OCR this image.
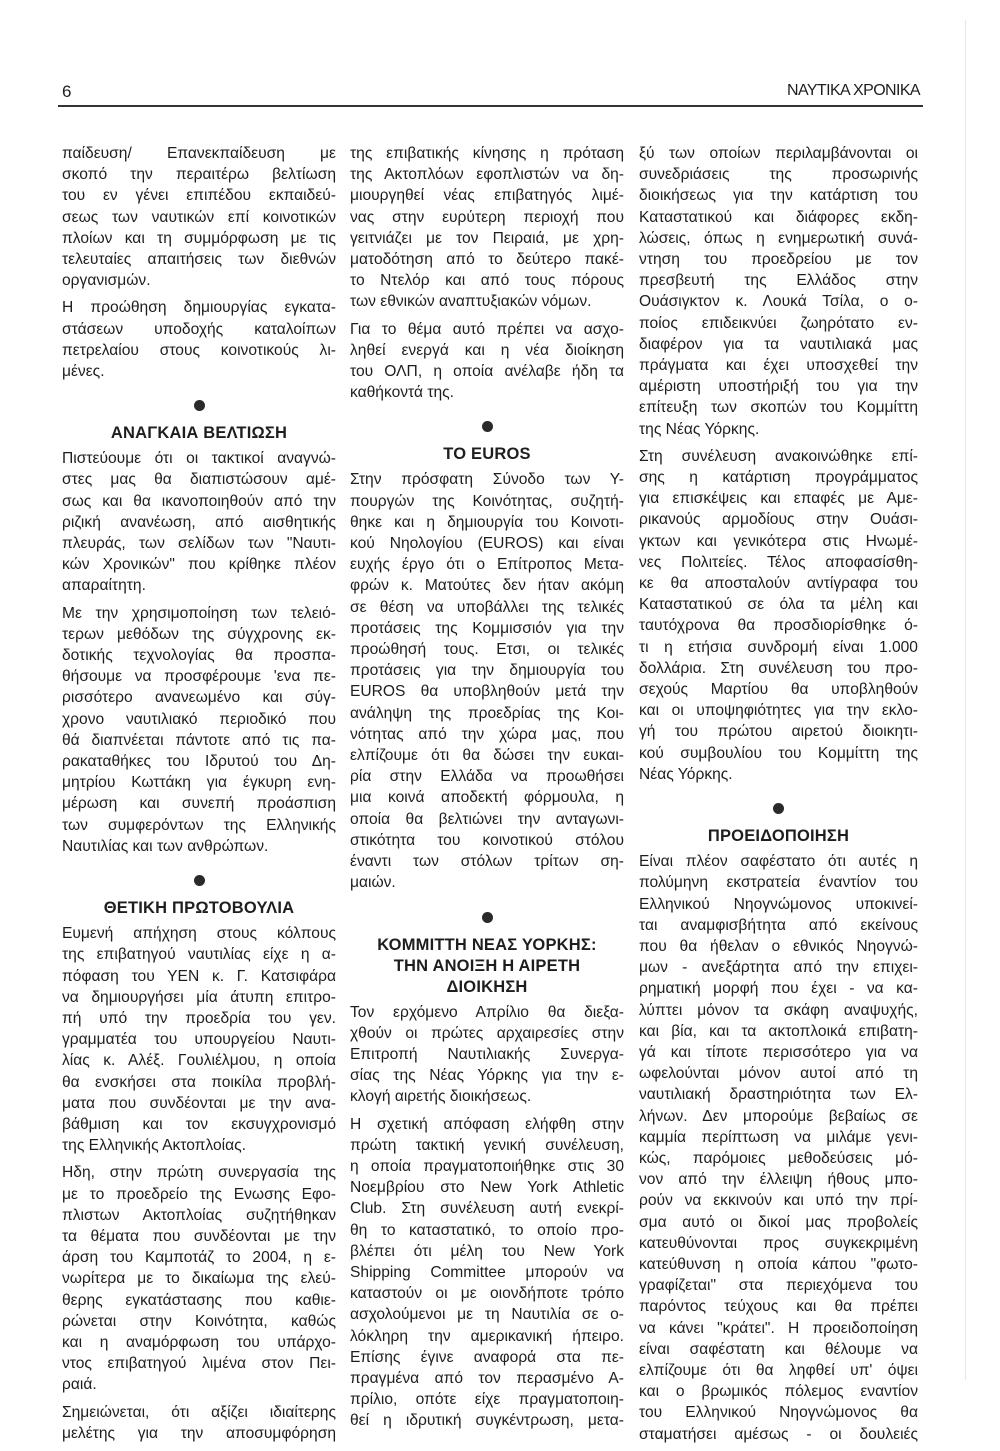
6	ΝΑΥΤΙΚΑ ΧΡΟΝΙΚΑ
παίδευση/ Επανεκπαίδευση με
σκοπό την περαιτέρω βελτίωση
του εν γένει επιπέδου εκπαιδεύ-
σεως των ναυτικών επί κοινοτικών
πλοίων και τη συμμόρφωση με τις
τελευταίες απαιτήσεις των διεθνών
οργανισμών.
Η προώθηση δημιουργίας εγκατα-
στάσεων υποδοχής καταλοίπων
πετρελαίου στους κοινοτικούς λι-
μένες.
ΑΝΑΓΚΑΙΑ ΒΕΛΤΙΩΣΗ
Πιστεύουμε ότι οι τακτικοί αναγνώ-
στες μας θα διαπιστώσουν αμέ-
σως και θα ικανοποιηθούν από την
ριζική ανανέωση, από αισθητικής
πλευράς, των σελίδων των "Ναυτι-
κών Χρονικών" που κρίθηκε πλέον
απαραίτητη.
Με την χρησιμοποίηση των τελειό-
τερων μεθόδων της σύγχρονης εκ-
δοτικής τεχνολογίας θα προσπα-
θήσουμε να προσφέρουμε 'ενα πε-
ρισσότερο ανανεωμένο και σύγ-
χρονο ναυτιλιακό περιοδικό που
θά διαπνέεται πάντοτε από τις πα-
ρακαταθήκες του Ιδρυτού του Δη-
μητρίου Κωττάκη για έγκυρη ενη-
μέρωση και συνεπή προάσπιση
των συμφερόντων της Ελληνικής
Ναυτιλίας και των ανθρώπων.
ΘΕΤΙΚΗ ΠΡΩΤΟΒΟΥΛΙΑ
Ευμενή απήχηση στους κόλπους
της επιβατηγού ναυτιλίας είχε η α-
πόφαση του ΥΕΝ κ. Γ. Κατσιφάρα
να δημιουργήσει μία άτυπη επιτρο-
πή υπό την προεδρία του γεν.
γραμματέα του υπουργείου Ναυτι-
λίας κ. Αλέξ. Γουλιέλμου, η οποία
θα ενσκήσει στα ποικίλα προβλή-
ματα που συνδέονται με την ανα-
βάθμιση και τον εκσυγχρονισμό
της Ελληνικής Ακτοπλοίας.
Ηδη, στην πρώτη συνεργασία της
με το προεδρείο της Ενωσης Εφο-
πλιστων Ακτοπλοίας συζητήθηκαν
τα θέματα που συνδέονται με την
άρση του Καμποτάζ το 2004, η ε-
νωρίτερα με το δικαίωμα της ελεύ-
θερης εγκατάστασης που καθιε-
ρώνεται στην Κοινότητα, καθώς
και η αναμόρφωση του υπάρχο-
ντος επιβατηγού λιμένα στον Πει-
ραιά.
Σημειώνεται, ότι αξίζει ιδιαίτερης
μελέτης για την αποσυμφόρηση
της επιβατικής κίνησης η πρόταση
της Ακτοπλόων εφοπλιστών να δη-
μιουργηθεί νέας επιβατηγός λιμέ-
νας στην ευρύτερη περιοχή που
γειτνιάζει με τον Πειραιά, με χρη-
ματοδότηση από το δεύτερο πακέ-
το Ντελόρ και από τους πόρους
των εθνικών αναπτυξιακών νόμων.
Για το θέμα αυτό πρέπει να ασχο-
ληθεί ενεργά και η νέα διοίκηση
του ΟΛΠ, η οποία ανέλαβε ήδη τα
καθήκοντά της.
ΤΟ EUROS
Στην πρόσφατη Σύνοδο των Υ-
πουργών της Κοινότητας, συζητή-
θηκε και η δημιουργία του Κοινοτι-
κού Νηολογίου (EUROS) και είναι
ευχής έργο ότι ο Επίτροπος Μετα-
φρών κ. Ματούτες δεν ήταν ακόμη
σε θέση να υποβάλλει της τελικές
προτάσεις της Κομμισσιόν για την
προώθησή τους. Ετσι, οι τελικές
προτάσεις για την δημιουργία του
EUROS θα υποβληθούν μετά την
ανάληψη της προεδρίας της Κοι-
νότητας από την χώρα μας, που
ελπίζουμε ότι θα δώσει την ευκαι-
ρία στην Ελλάδα να προωθήσει
μια κοινά αποδεκτή φόρμουλα, η
οποία θα βελτιώνει την ανταγωνι-
στικότητα του κοινοτικού στόλου
έναντι των στόλων τρίτων ση-
μαιών.
ΚΟΜΜΙΤΤΗ ΝΕΑΣ ΥΟΡΚΗΣ:
ΤΗΝ ΑΝΟΙΞΗ Η ΑΙΡΕΤΗ
ΔΙΟΙΚΗΣΗ
Τον ερχόμενο Απρίλιο θα διεξα-
χθούν οι πρώτες αρχαιρεσίες στην
Επιτροπή Ναυτιλιακής Συνεργα-
σίας της Νέας Υόρκης για την ε-
κλογή αιρετής διοικήσεως.
Η σχετική απόφαση ελήφθη στην
πρώτη τακτική γενική συνέλευση,
η οποία πραγματοποιήθηκε στις 30
Νοεμβρίου στο New York Athletic
Club. Στη συνέλευση αυτή ενεκρί-
θη το καταστατικό, το οποίο προ-
βλέπει ότι μέλη του New York
Shipping Committee μπορούν να
καταστούν οι με οιονδήποτε τρόπο
ασχολούμενοι με τη Ναυτιλία σε ο-
λόκληρη την αμερικανική ήπειρο.
Επίσης έγινε αναφορά στα πε-
πραγμένα από τον περασμένο Α-
πρίλιο, οπότε είχε πραγματοποιη-
θεί η ιδρυτική συγκέντρωση, μετα-
ξύ των οποίων περιλαμβάνονται οι
συνεδριάσεις της προσωρινής
διοικήσεως για την κατάρτιση του
Καταστατικού και διάφορες εκδη-
λώσεις, όπως η ενημερωτική συνά-
ντηση του προεδρείου με τον
πρεσβευτή της Ελλάδος στην
Ουάσιγκτον κ. Λουκά Τσίλα, ο ο-
ποίος επιδεικνύει ζωηρότατο εν-
διαφέρον για τα ναυτιλιακά μας
πράγματα και έχει υποσχεθεί την
αμέριστη υποστήριξή του για την
επίτευξη των σκοπών του Κομμίττη
της Νέας Υόρκης.
Στη συνέλευση ανακοινώθηκε επί-
σης η κατάρτιση προγράμματος
για επισκέψεις και επαφές με Αμε-
ρικανούς αρμοδίους στην Ουάσι-
γκτων και γενικότερα στις Ηνωμέ-
νες Πολιτείες. Τέλος αποφασίσθη-
κε θα αποσταλούν αντίγραφα του
Καταστατικού σε όλα τα μέλη και
ταυτόχρονα θα προσδιορίσθηκε ό-
τι η ετήσια συνδρομή είναι 1.000
δολλάρια. Στη συνέλευση του προ-
σεχούς Μαρτίου θα υποβληθούν
και οι υποψηφιότητες για την εκλο-
γή του πρώτου αιρετού διοικητι-
κού συμβουλίου του Κομμίττη της
Νέας Υόρκης.
ΠΡΟΕΙΔΟΠΟΙΗΣΗ
Είναι πλέον σαφέστατο ότι αυτές η
πολύμηνη εκστρατεία έναντίον του
Ελληνικού Νηογνώμονος υποκινεί-
ται αναμφισβήτητα από εκείνους
που θα ήθελαν ο εθνικός Νηογνώ-
μων - ανεξάρτητα από την επιχει-
ρηματική μορφή που έχει - να κα-
λύπτει μόνον τα σκάφη αναψυχής,
και βία, και τα ακτοπλοικά επιβατη-
γά και τίποτε περισσότερο για να
ωφελούνται μόνον αυτοί από τη
ναυτιλιακή δραστηριότητα των Ελ-
λήνων. Δεν μπορούμε βεβαίως σε
καμμία περίπτωση να μιλάμε γενι-
κώς, παρόμοιες μεθοδεύσεις μό-
νον από την έλλειψη ήθους μπο-
ρούν να εκκινούν και υπό την πρί-
σμα αυτό οι δικοί μας προβολείς
κατευθύνονται προς συγκεκριμένη
κατεύθυνση η οποία κάπου "φωτο-
γραφίζεται" στα περιεχόμενα του
παρόντος τεύχους και θα πρέπει
να κάνει "κράτει". Η προειδοποίηση
είναι σαφέστατη και θέλουμε να
ελπίζουμε ότι θα ληφθεί υπ' όψει
και ο βρωμικός πόλεμος εναντίον
του Ελληνικού Νηογνώμονος θα
σταματήσει αμέσως - οι δουλειές
